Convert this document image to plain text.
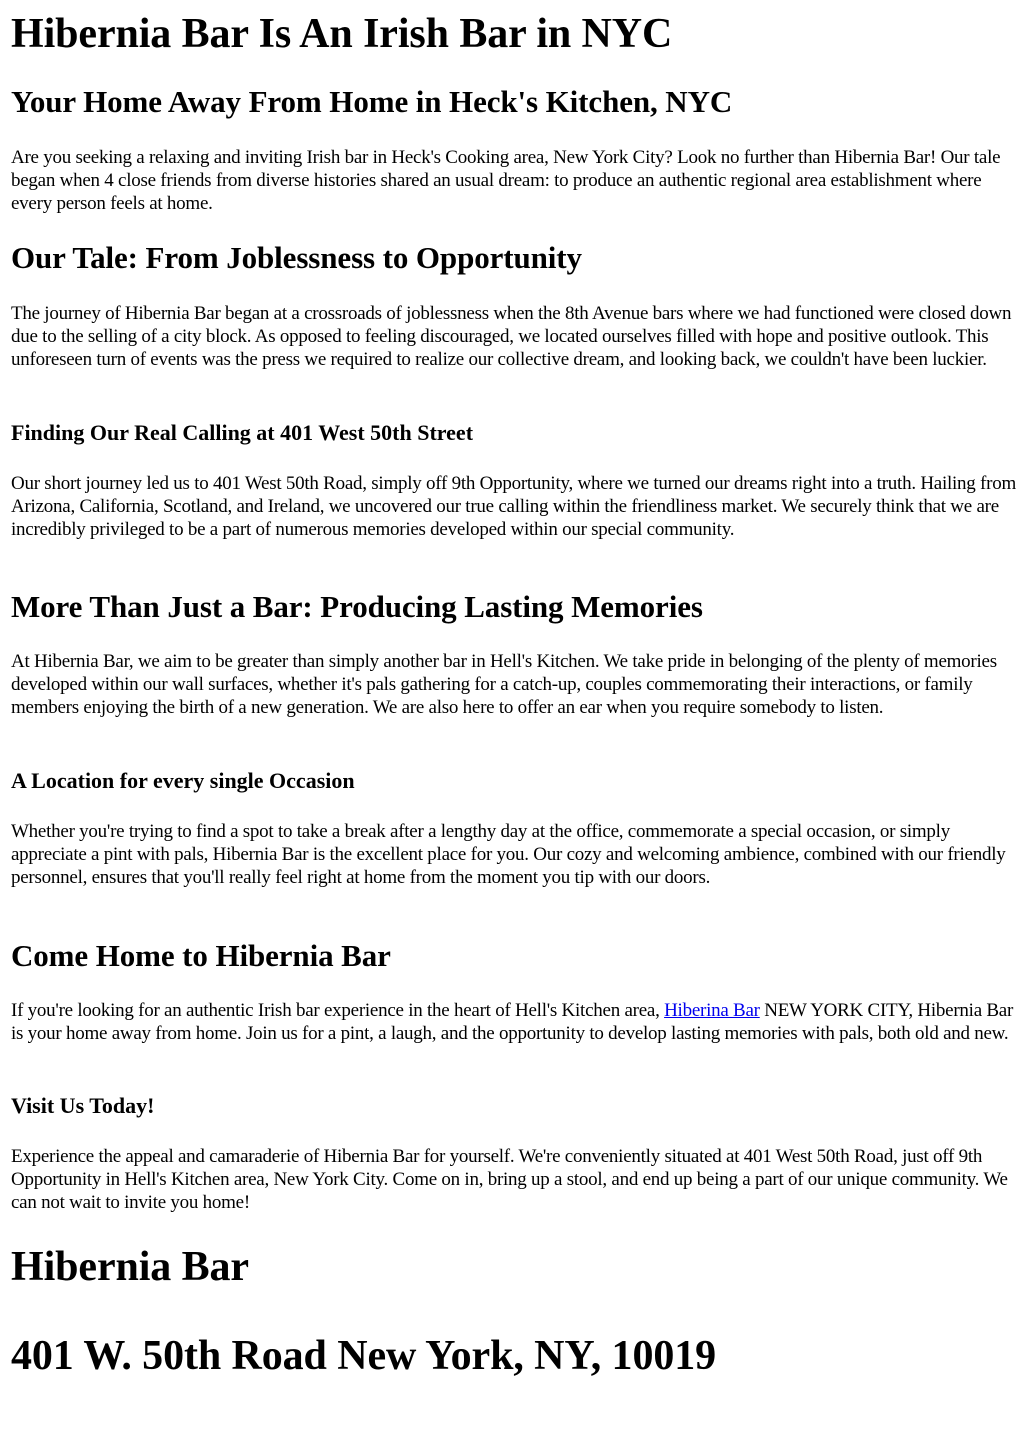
Hibernia Bar Is An Irish Bar in NYC
Your Home Away From Home in Heck's Kitchen, NYC

Are you seeking a relaxing and inviting Irish bar in Heck's Cooking area, New York City? Look no further than Hibernia Bar! Our tale began when 4 close friends from diverse histories shared an usual dream: to produce an authentic regional area establishment where every person feels at home.

Our Tale: From Joblessness to Opportunity

The journey of Hibernia Bar began at a crossroads of joblessness when the 8th Avenue bars where we had functioned were closed down due to the selling of a city block. As opposed to feeling discouraged, we located ourselves filled with hope and positive outlook. This unforeseen turn of events was the press we required to realize our collective dream, and looking back, we couldn't have been luckier.

Finding Our Real Calling at 401 West 50th Street

Our short journey led us to 401 West 50th Road, simply off 9th Opportunity, where we turned our dreams right into a truth. Hailing from Arizona, California, Scotland, and Ireland, we uncovered our true calling within the friendliness market. We securely think that we are incredibly privileged to be a part of numerous memories developed within our special community.

More Than Just a Bar: Producing Lasting Memories

At Hibernia Bar, we aim to be greater than simply another bar in Hell's Kitchen. We take pride in belonging of the plenty of memories developed within our wall surfaces, whether it's pals gathering for a catch-up, couples commemorating their interactions, or family members enjoying the birth of a new generation. We are also here to offer an ear when you require somebody to listen.

A Location for every single Occasion

Whether you're trying to find a spot to take a break after a lengthy day at the office, commemorate a special occasion, or simply appreciate a pint with pals, Hibernia Bar is the excellent place for you. Our cozy and welcoming ambience, combined with our friendly personnel, ensures that you'll really feel right at home from the moment you tip with our doors.

Come Home to Hibernia Bar

If you're looking for an authentic Irish bar experience in the heart of Hell's Kitchen area, Hiberina Bar NEW YORK CITY, Hibernia Bar is your home away from home. Join us for a pint, a laugh, and the opportunity to develop lasting memories with pals, both old and new.

Visit Us Today!

Experience the appeal and camaraderie of Hibernia Bar for yourself. We're conveniently situated at 401 West 50th Road, just off 9th Opportunity in Hell's Kitchen area, New York City. Come on in, bring up a stool, and end up being a part of our unique community. We can not wait to invite you home!

Hibernia Bar
401 W. 50th Road New York, NY, 10019
